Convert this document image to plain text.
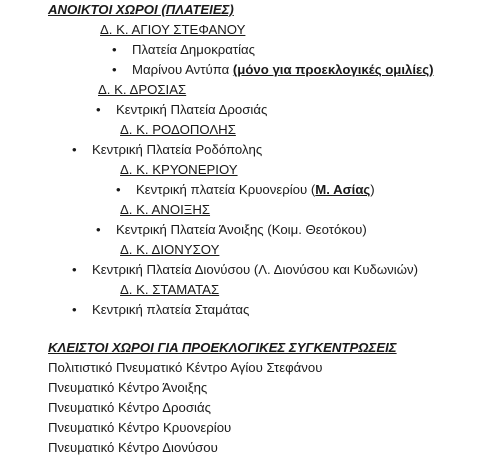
ΑΝΟΙΚΤΟΙ ΧΩΡΟΙ (ΠΛΑΤΕΙΕΣ)
Δ. Κ. ΑΓΙΟΥ ΣΤΕΦΑΝΟΥ
• Πλατεία Δημοκρατίας
• Μαρίνου Αντύπα (μόνο για προεκλογικές ομιλίες)
Δ. Κ. ΔΡΟΣΙΑΣ
• Κεντρική Πλατεία Δροσιάς
Δ. Κ. ΡΟΔΟΠΟΛΗΣ
• Κεντρική Πλατεία Ροδόπολης
Δ. Κ. ΚΡΥΟΝΕΡΙΟΥ
• Κεντρική πλατεία Κρυονερίου (Μ. Ασίας)
Δ. Κ. ΑΝΟΙΞΗΣ
• Κεντρική Πλατεία Άνοιξης (Κοιμ. Θεοτόκου)
Δ. Κ. ΔΙΟΝΥΣΟΥ
• Κεντρική Πλατεία Διονύσου (Λ. Διονύσου και Κυδωνιών)
Δ. Κ. ΣΤΑΜΑΤΑΣ
• Κεντρική πλατεία Σταμάτας
ΚΛΕΙΣΤΟΙ ΧΩΡΟΙ ΓΙΑ ΠΡΟΕΚΛΟΓΙΚΕΣ ΣΥΓΚΕΝΤΡΩΣΕΙΣ
Πολιτιστικό Πνευματικό Κέντρο Αγίου Στεφάνου
Πνευματικό Κέντρο Άνοιξης
Πνευματικό Κέντρο Δροσιάς
Πνευματικό Κέντρο Κρυονερίου
Πνευματικό Κέντρο Διονύσου
